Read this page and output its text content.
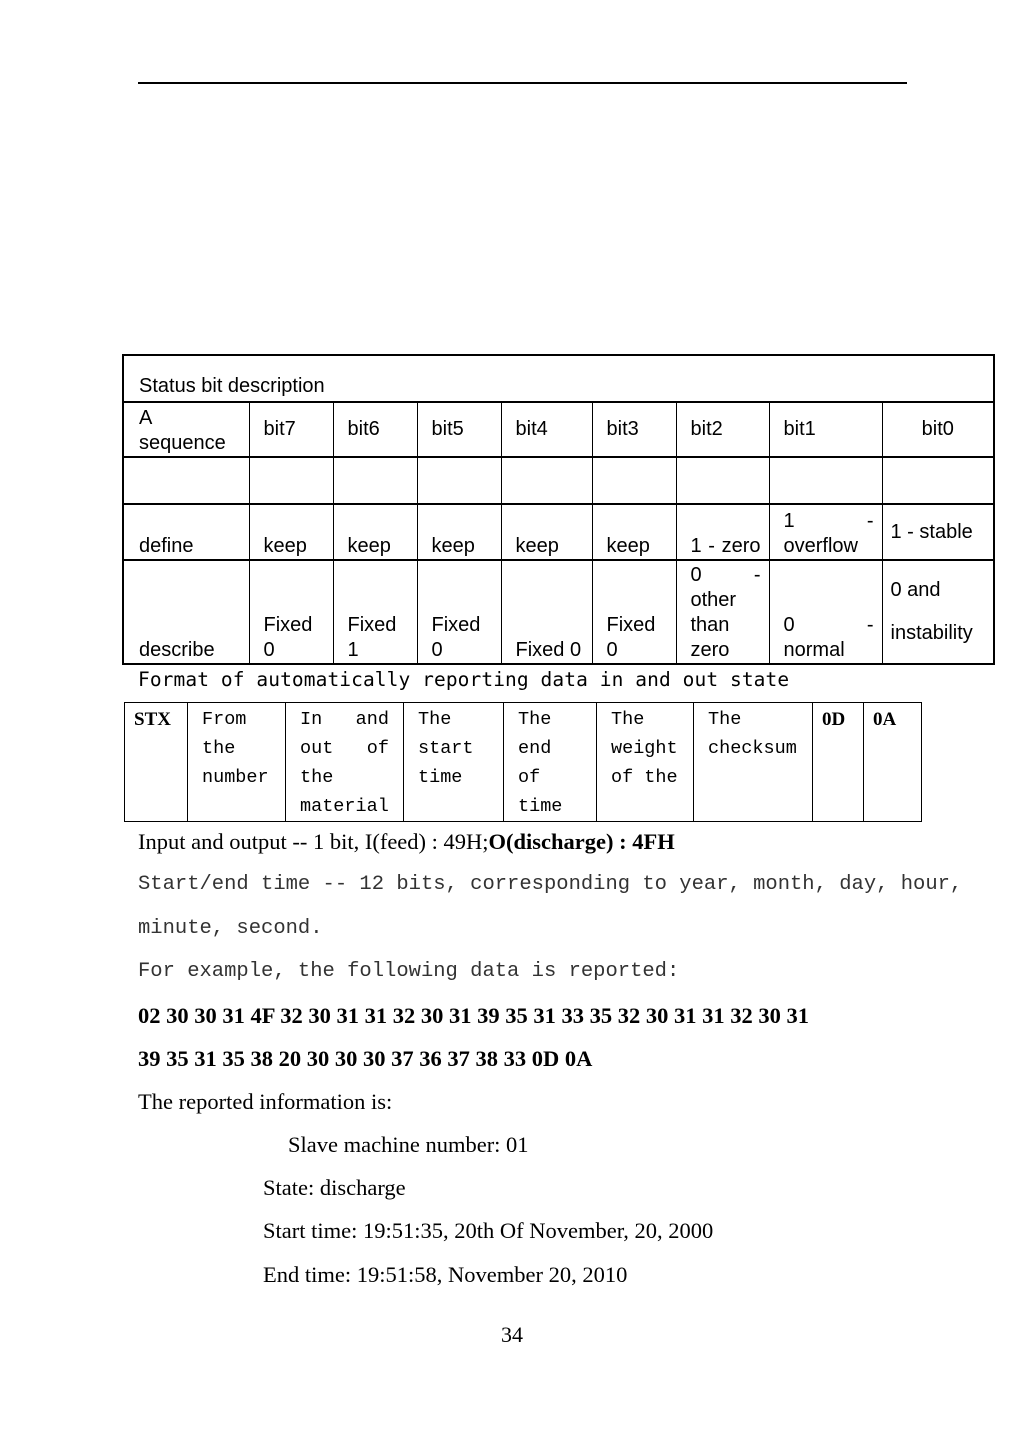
Status bit description								
A sequence	bit7	bit6	bit5	bit4	bit3	bit2	bit1	bit0

define	keep	keep	keep	keep	keep	1 - zero	1 - overflow	1 - stable
describe	Fixed 0	Fixed 1	Fixed 0	Fixed 0	Fixed 0	0 - other than zero	0 - normal	0 and instability
Format of automatically reporting data in and out state
STX	From the number	In and out of the material	The start time	The end of time	The weight of the	The checksum	0D	0A
Input and output -- 1 bit, I(feed) : 49H;O(discharge) : 4FH
Start/end time -- 12 bits, corresponding to year, month, day, hour,
minute, second.
For example, the following data is reported:
02 30 30 31 4F 32 30 31 31 32 30 31 39 35 31 33 35 32 30 31 31 32 30 31
39 35 31 35 38 20 30 30 30 37 36 37 38 33 0D 0A
The reported information is:
Slave machine number: 01
State: discharge
Start time: 19:51:35, 20th Of November, 20, 2000
End time: 19:51:58, November 20, 2010
34
